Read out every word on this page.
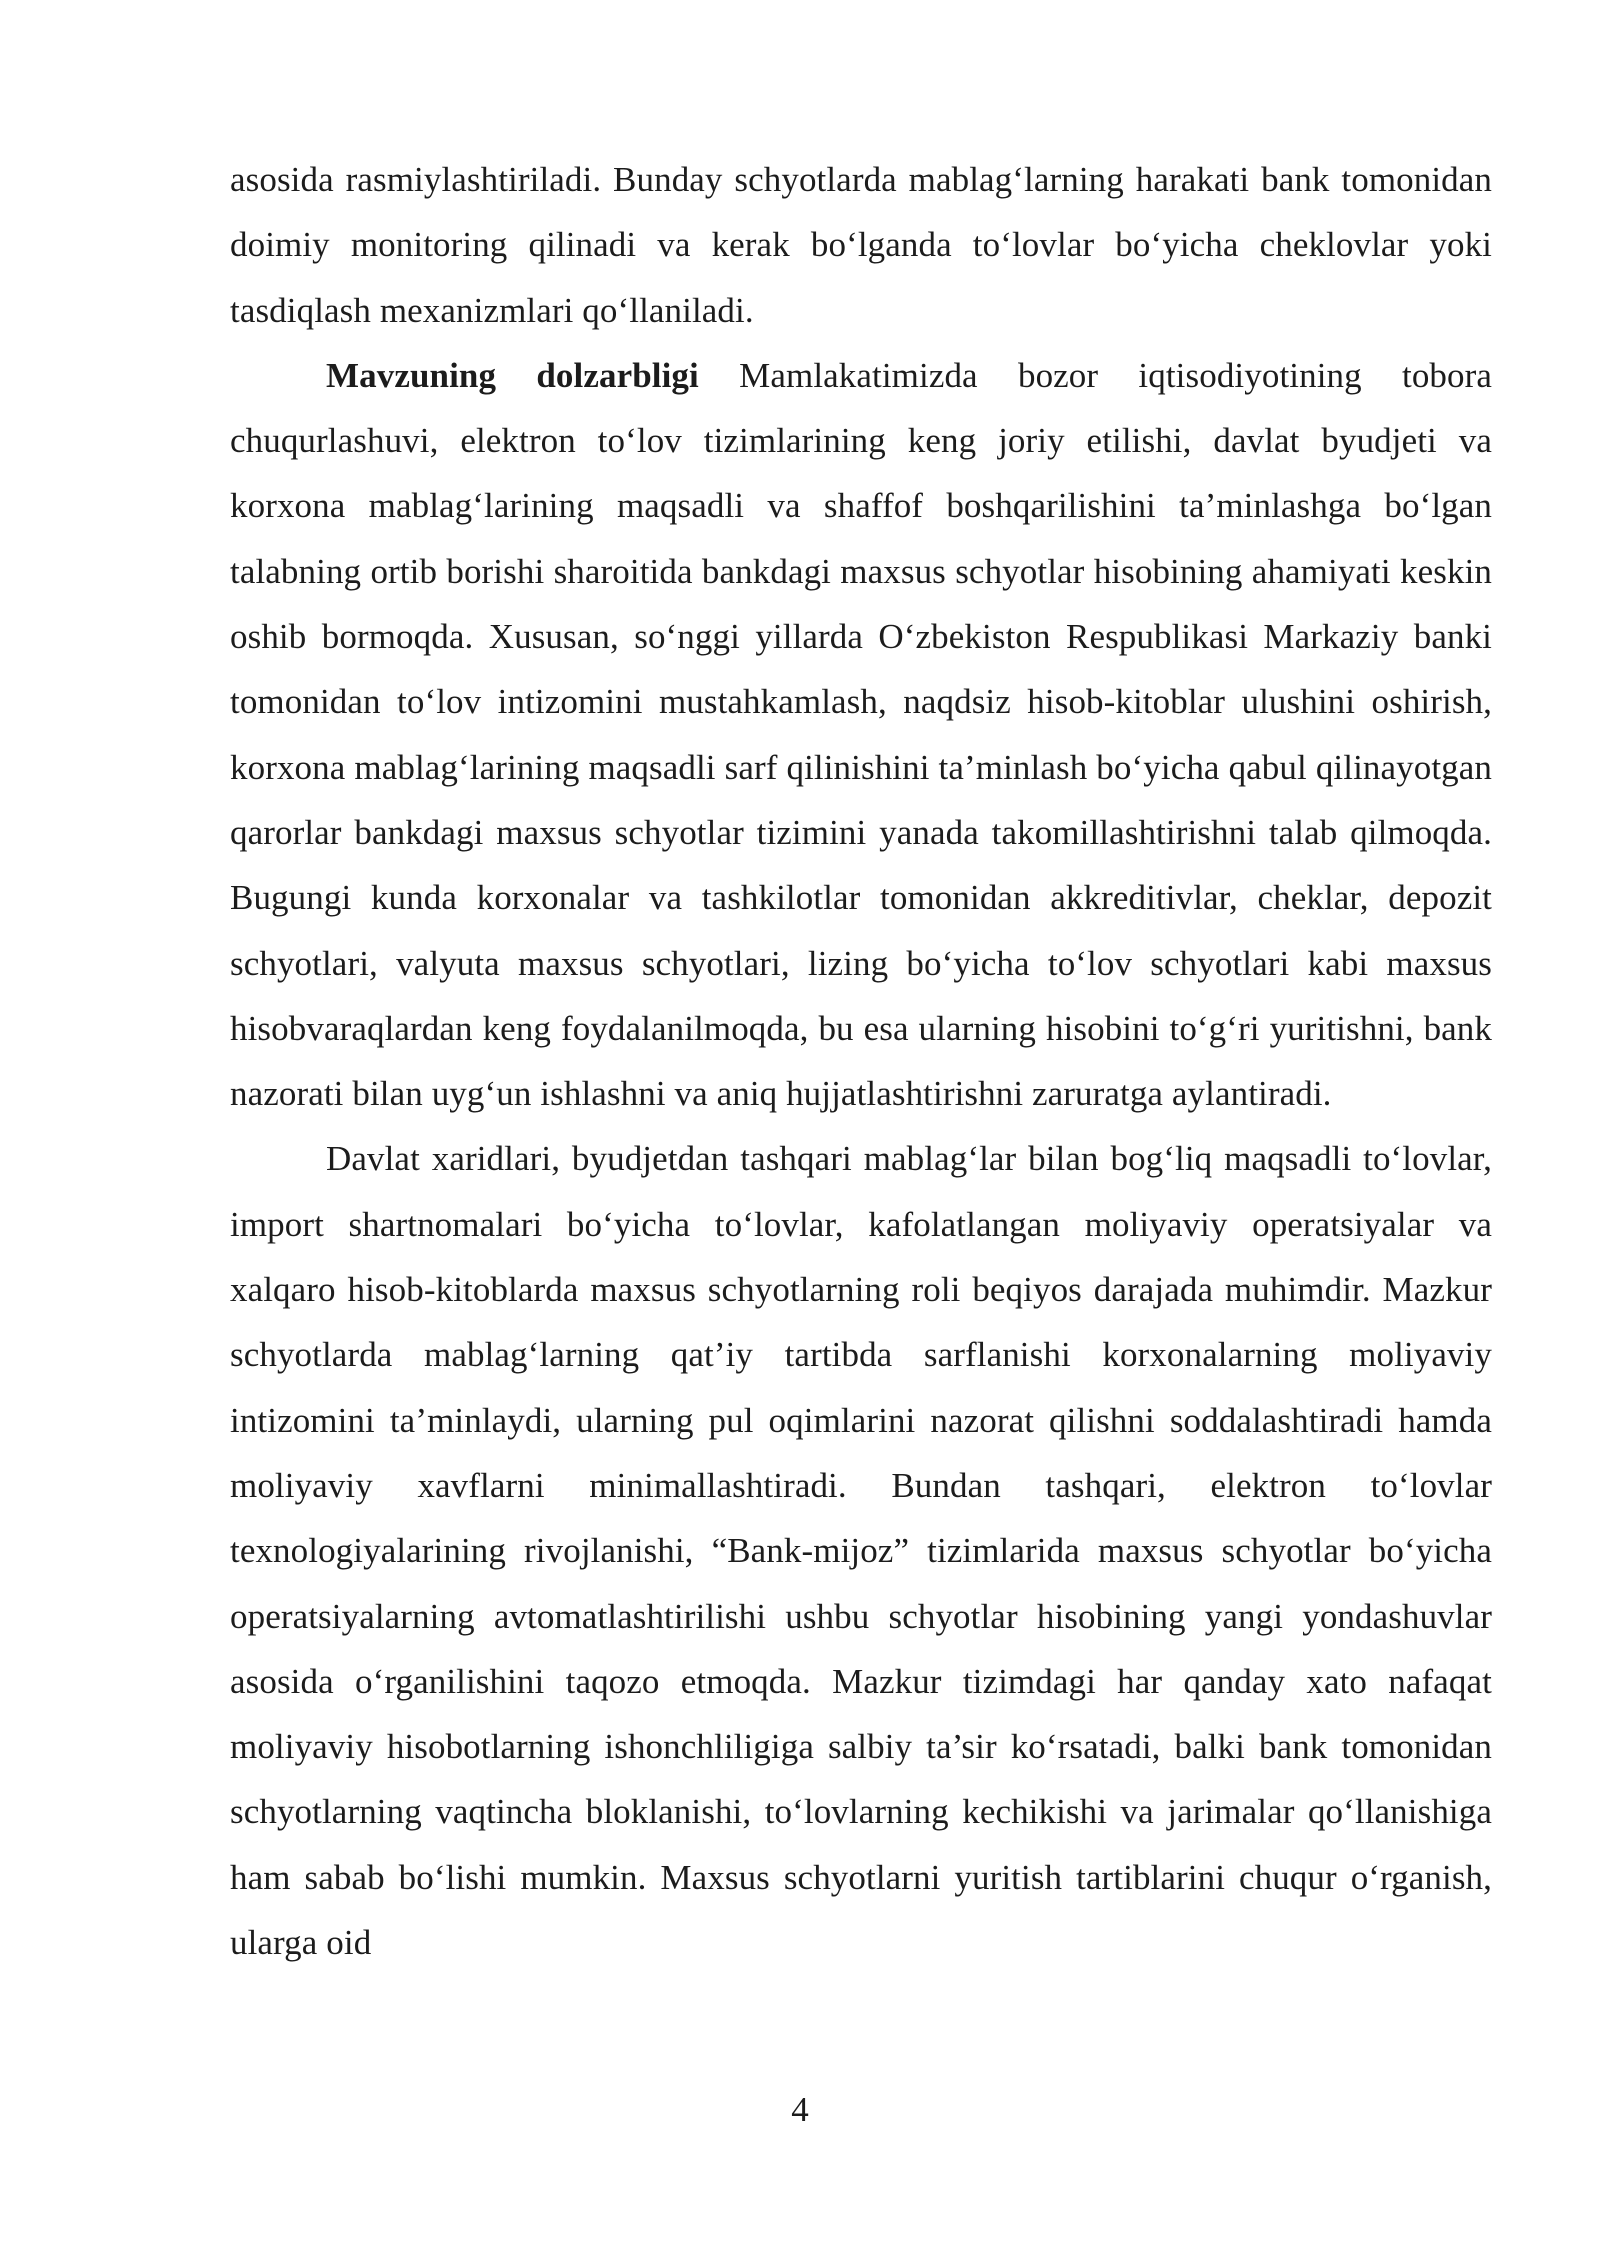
asosida rasmiylashtiriladi. Bunday schyotlarda mablag‘larning harakati bank tomonidan doimiy monitoring qilinadi va kerak bo‘lganda to‘lovlar bo‘yicha cheklovlar yoki tasdiqlash mexanizmlari qo‘llaniladi.

Mavzuning dolzarbligi Mamlakatimizda bozor iqtisodiyotining tobora chuqurlashuvi, elektron to‘lov tizimlarining keng joriy etilishi, davlat byudjeti va korxona mablag‘larining maqsadli va shaffof boshqarilishini ta’minlashga bo‘lgan talabning ortib borishi sharoitida bankdagi maxsus schyotlar hisobining ahamiyati keskin oshib bormoqda. Xususan, so‘nggi yillarda O‘zbekiston Respublikasi Markaziy banki tomonidan to‘lov intizomini mustahkamlash, naqdsiz hisob-kitoblar ulushini oshirish, korxona mablag‘larining maqsadli sarf qilinishini ta’minlash bo‘yicha qabul qilinayotgan qarorlar bankdagi maxsus schyotlar tizimini yanada takomillashtirishni talab qilmoqda. Bugungi kunda korxonalar va tashkilotlar tomonidan akkreditivlar, cheklar, depozit schyotlari, valyuta maxsus schyotlari, lizing bo‘yicha to‘lov schyotlari kabi maxsus hisobvaraqlardan keng foydalanilmoqda, bu esa ularning hisobini to‘g‘ri yuritishni, bank nazorati bilan uyg‘un ishlashni va aniq hujjatlashtirishni zaruratga aylantiradi.

Davlat xaridlari, byudjetdan tashqari mablag‘lar bilan bog‘liq maqsadli to‘lovlar, import shartnomalari bo‘yicha to‘lovlar, kafolatlangan moliyaviy operatsiyalar va xalqaro hisob-kitoblarda maxsus schyotlarning roli beqiyos darajada muhimdir. Mazkur schyotlarda mablag‘larning qat’iy tartibda sarflanishi korxonalarning moliyaviy intizomini ta’minlaydi, ularning pul oqimlarini nazorat qilishni soddalashtiradi hamda moliyaviy xavflarni minimallashtiradi. Bundan tashqari, elektron to‘lovlar texnologiyalarining rivojlanishi, “Bank-mijoz” tizimlarida maxsus schyotlar bo‘yicha operatsiyalarning avtomatlashtirilishi ushbu schyotlar hisobining yangi yondashuvlar asosida o‘rganilishini taqozo etmoqda. Mazkur tizimdagi har qanday xato nafaqat moliyaviy hisobotlarning ishonchliligiga salbiy ta’sir ko‘rsatadi, balki bank tomonidan schyotlarning vaqtincha bloklanishi, to‘lovlarning kechikishi va jarimalar qo‘llanishiga ham sabab bo‘lishi mumkin. Maxsus schyotlarni yuritish tartiblarini chuqur o‘rganish, ularga oid

4
